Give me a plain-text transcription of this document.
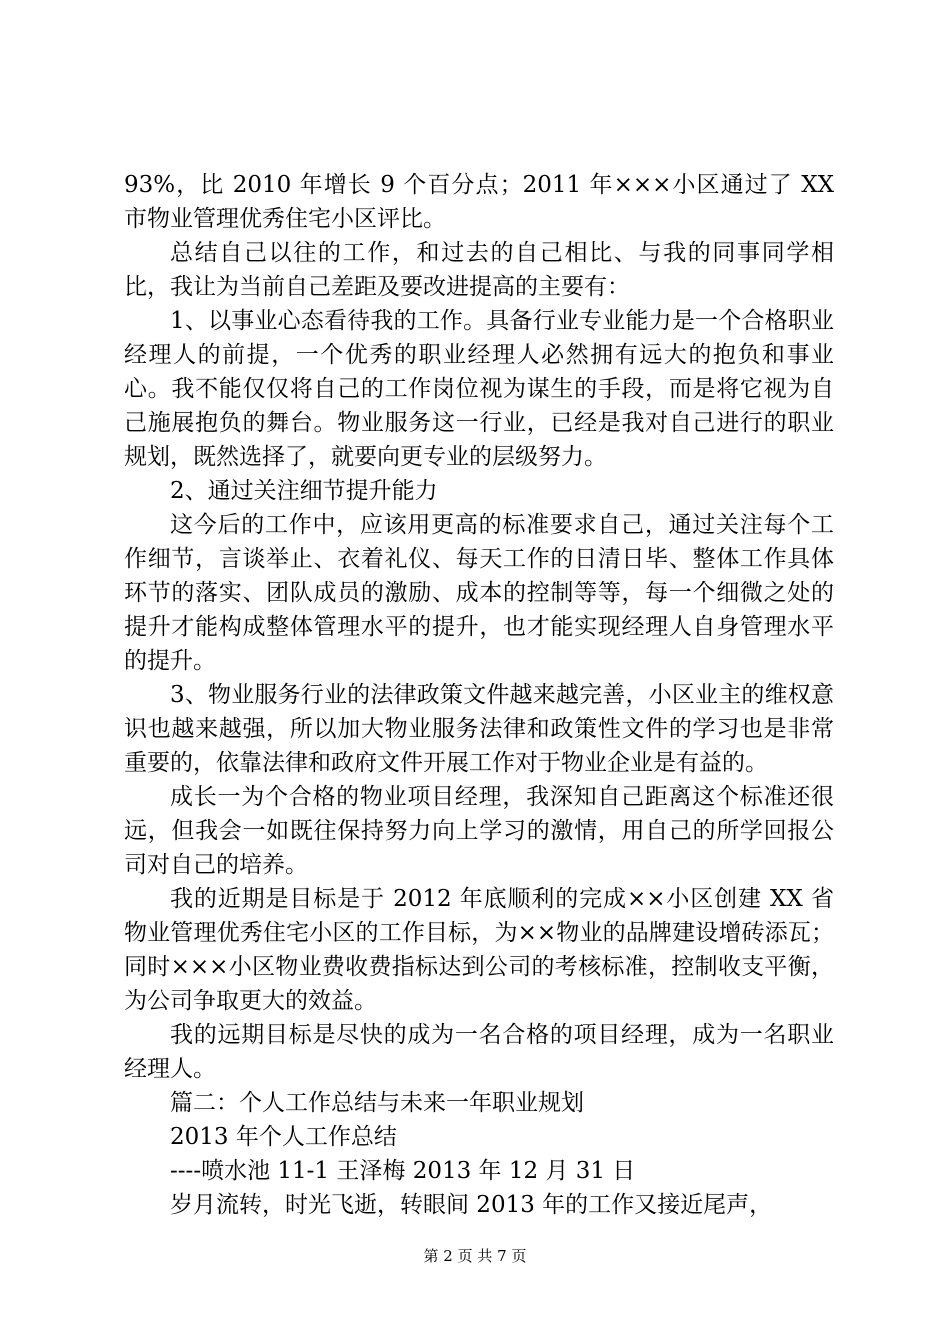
93%，比 2010 年增长 9 个百分点；2011 年×××小区通过了 XX 市物业管理优秀住宅小区评比。

总结自己以往的工作，和过去的自己相比、与我的同事同学相比，我让为当前自己差距及要改进提高的主要有：

1、以事业心态看待我的工作。具备行业专业能力是一个合格职业经理人的前提，一个优秀的职业经理人必然拥有远大的抱负和事业心。我不能仅仅将自己的工作岗位视为谋生的手段，而是将它视为自己施展抱负的舞台。物业服务这一行业，已经是我对自己进行的职业规划，既然选择了，就要向更专业的层级努力。

2、通过关注细节提升能力

这今后的工作中，应该用更高的标准要求自己，通过关注每个工作细节，言谈举止、衣着礼仪、每天工作的日清日毕、整体工作具体环节的落实、团队成员的激励、成本的控制等等，每一个细微之处的提升才能构成整体管理水平的提升，也才能实现经理人自身管理水平的提升。

3、物业服务行业的法律政策文件越来越完善，小区业主的维权意识也越来越强，所以加大物业服务法律和政策性文件的学习也是非常重要的，依靠法律和政府文件开展工作对于物业企业是有益的。

成长一为个合格的物业项目经理，我深知自己距离这个标准还很远，但我会一如既往保持努力向上学习的激情，用自己的所学回报公司对自己的培养。

我的近期是目标是于 2012 年底顺利的完成××小区创建 XX 省物业管理优秀住宅小区的工作目标，为××物业的品牌建设增砖添瓦；同时×××小区物业费收费指标达到公司的考核标准，控制收支平衡，为公司争取更大的效益。

我的远期目标是尽快的成为一名合格的项目经理，成为一名职业经理人。

篇二：个人工作总结与未来一年职业规划

2013 年个人工作总结

----喷水池 11-1 王泽梅 2013 年 12 月 31 日

岁月流转，时光飞逝，转眼间 2013 年的工作又接近尾声，

第 2 页 共 7 页
